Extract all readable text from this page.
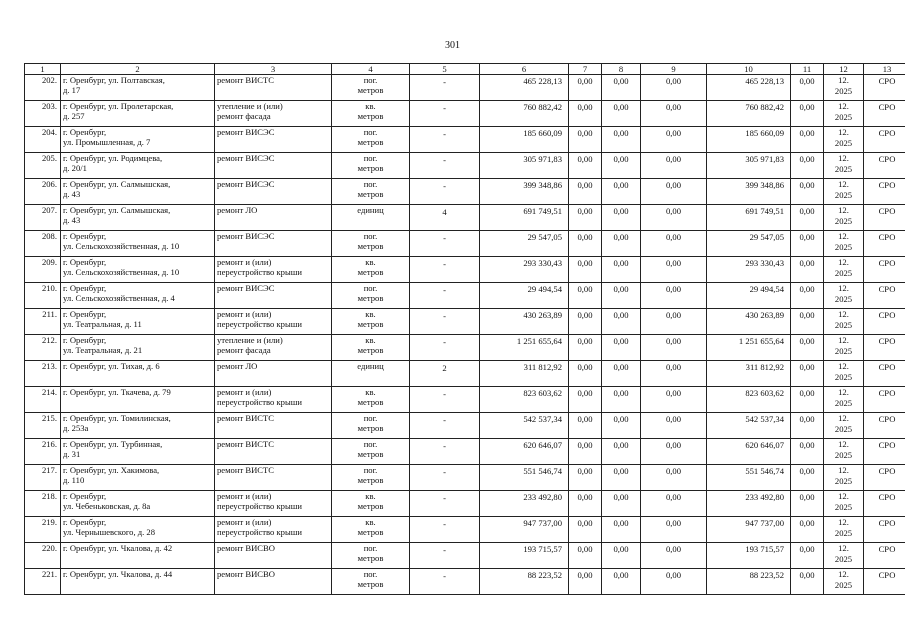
301
1	2	3	4	5	6	7	8	9	10	11	12	13

202.	г. Оренбург, ул. Полтавская,
д. 17	ремонт ВИСТС	пог.
метров	-	465 228,13	0,00	0,00	0,00	465 228,13	0,00	12.
2025	СРО

203.	г. Оренбург, ул. Пролетарская,
д. 257	утепление и (или)
ремонт фасада	кв.
метров	-	760 882,42	0,00	0,00	0,00	760 882,42	0,00	12.
2025	СРО

204.	г. Оренбург,
ул. Промышленная, д. 7	ремонт ВИСЭС	пог.
метров	-	185 660,09	0,00	0,00	0,00	185 660,09	0,00	12.
2025	СРО

205.	г. Оренбург, ул. Родимцева,
д. 20/1	ремонт ВИСЭС	пог.
метров	-	305 971,83	0,00	0,00	0,00	305 971,83	0,00	12.
2025	СРО

206.	г. Оренбург, ул. Салмышская,
д. 43	ремонт ВИСЭС	пог.
метров	-	399 348,86	0,00	0,00	0,00	399 348,86	0,00	12.
2025	СРО

207.	г. Оренбург, ул. Салмышская,
д. 43	ремонт ЛО	единиц	4	691 749,51	0,00	0,00	0,00	691 749,51	0,00	12.
2025	СРО

208.	г. Оренбург,
ул. Сельскохозяйственная, д. 10	ремонт ВИСЭС	пог.
метров	-	29 547,05	0,00	0,00	0,00	29 547,05	0,00	12.
2025	СРО

209.	г. Оренбург,
ул. Сельскохозяйственная, д. 10	ремонт и (или)
переустройство крыши	кв.
метров	-	293 330,43	0,00	0,00	0,00	293 330,43	0,00	12.
2025	СРО

210.	г. Оренбург,
ул. Сельскохозяйственная, д. 4	ремонт ВИСЭС	пог.
метров	-	29 494,54	0,00	0,00	0,00	29 494,54	0,00	12.
2025	СРО

211.	г. Оренбург,
ул. Театральная, д. 11	ремонт и (или)
переустройство крыши	кв.
метров	-	430 263,89	0,00	0,00	0,00	430 263,89	0,00	12.
2025	СРО

212.	г. Оренбург,
ул. Театральная, д. 21	утепление и (или)
ремонт фасада	кв.
метров	-	1 251 655,64	0,00	0,00	0,00	1 251 655,64	0,00	12.
2025	СРО

213.	г. Оренбург, ул. Тихая, д. 6	ремонт ЛО	единиц	2	311 812,92	0,00	0,00	0,00	311 812,92	0,00	12.
2025	СРО

214.	г. Оренбург, ул. Ткачева, д. 79	ремонт и (или)
переустройство крыши	кв.
метров	-	823 603,62	0,00	0,00	0,00	823 603,62	0,00	12.
2025	СРО

215.	г. Оренбург, ул. Томилинская,
д. 253а	ремонт ВИСТС	пог.
метров	-	542 537,34	0,00	0,00	0,00	542 537,34	0,00	12.
2025	СРО

216.	г. Оренбург, ул. Турбинная,
д. 31	ремонт ВИСТС	пог.
метров	-	620 646,07	0,00	0,00	0,00	620 646,07	0,00	12.
2025	СРО

217.	г. Оренбург, ул. Хакимова,
д. 110	ремонт ВИСТС	пог.
метров	-	551 546,74	0,00	0,00	0,00	551 546,74	0,00	12.
2025	СРО

218.	г. Оренбург,
ул. Чебеньковская, д. 8а	ремонт и (или)
переустройство крыши	кв.
метров	-	233 492,80	0,00	0,00	0,00	233 492,80	0,00	12.
2025	СРО

219.	г. Оренбург,
ул. Чернышевского, д. 28	ремонт и (или)
переустройство крыши	кв.
метров	-	947 737,00	0,00	0,00	0,00	947 737,00	0,00	12.
2025	СРО

220.	г. Оренбург, ул. Чкалова, д. 42	ремонт ВИСВО	пог.
метров	-	193 715,57	0,00	0,00	0,00	193 715,57	0,00	12.
2025	СРО

221.	г. Оренбург, ул. Чкалова, д. 44	ремонт ВИСВО	пог.
метров	-	88 223,52	0,00	0,00	0,00	88 223,52	0,00	12.
2025	СРО
